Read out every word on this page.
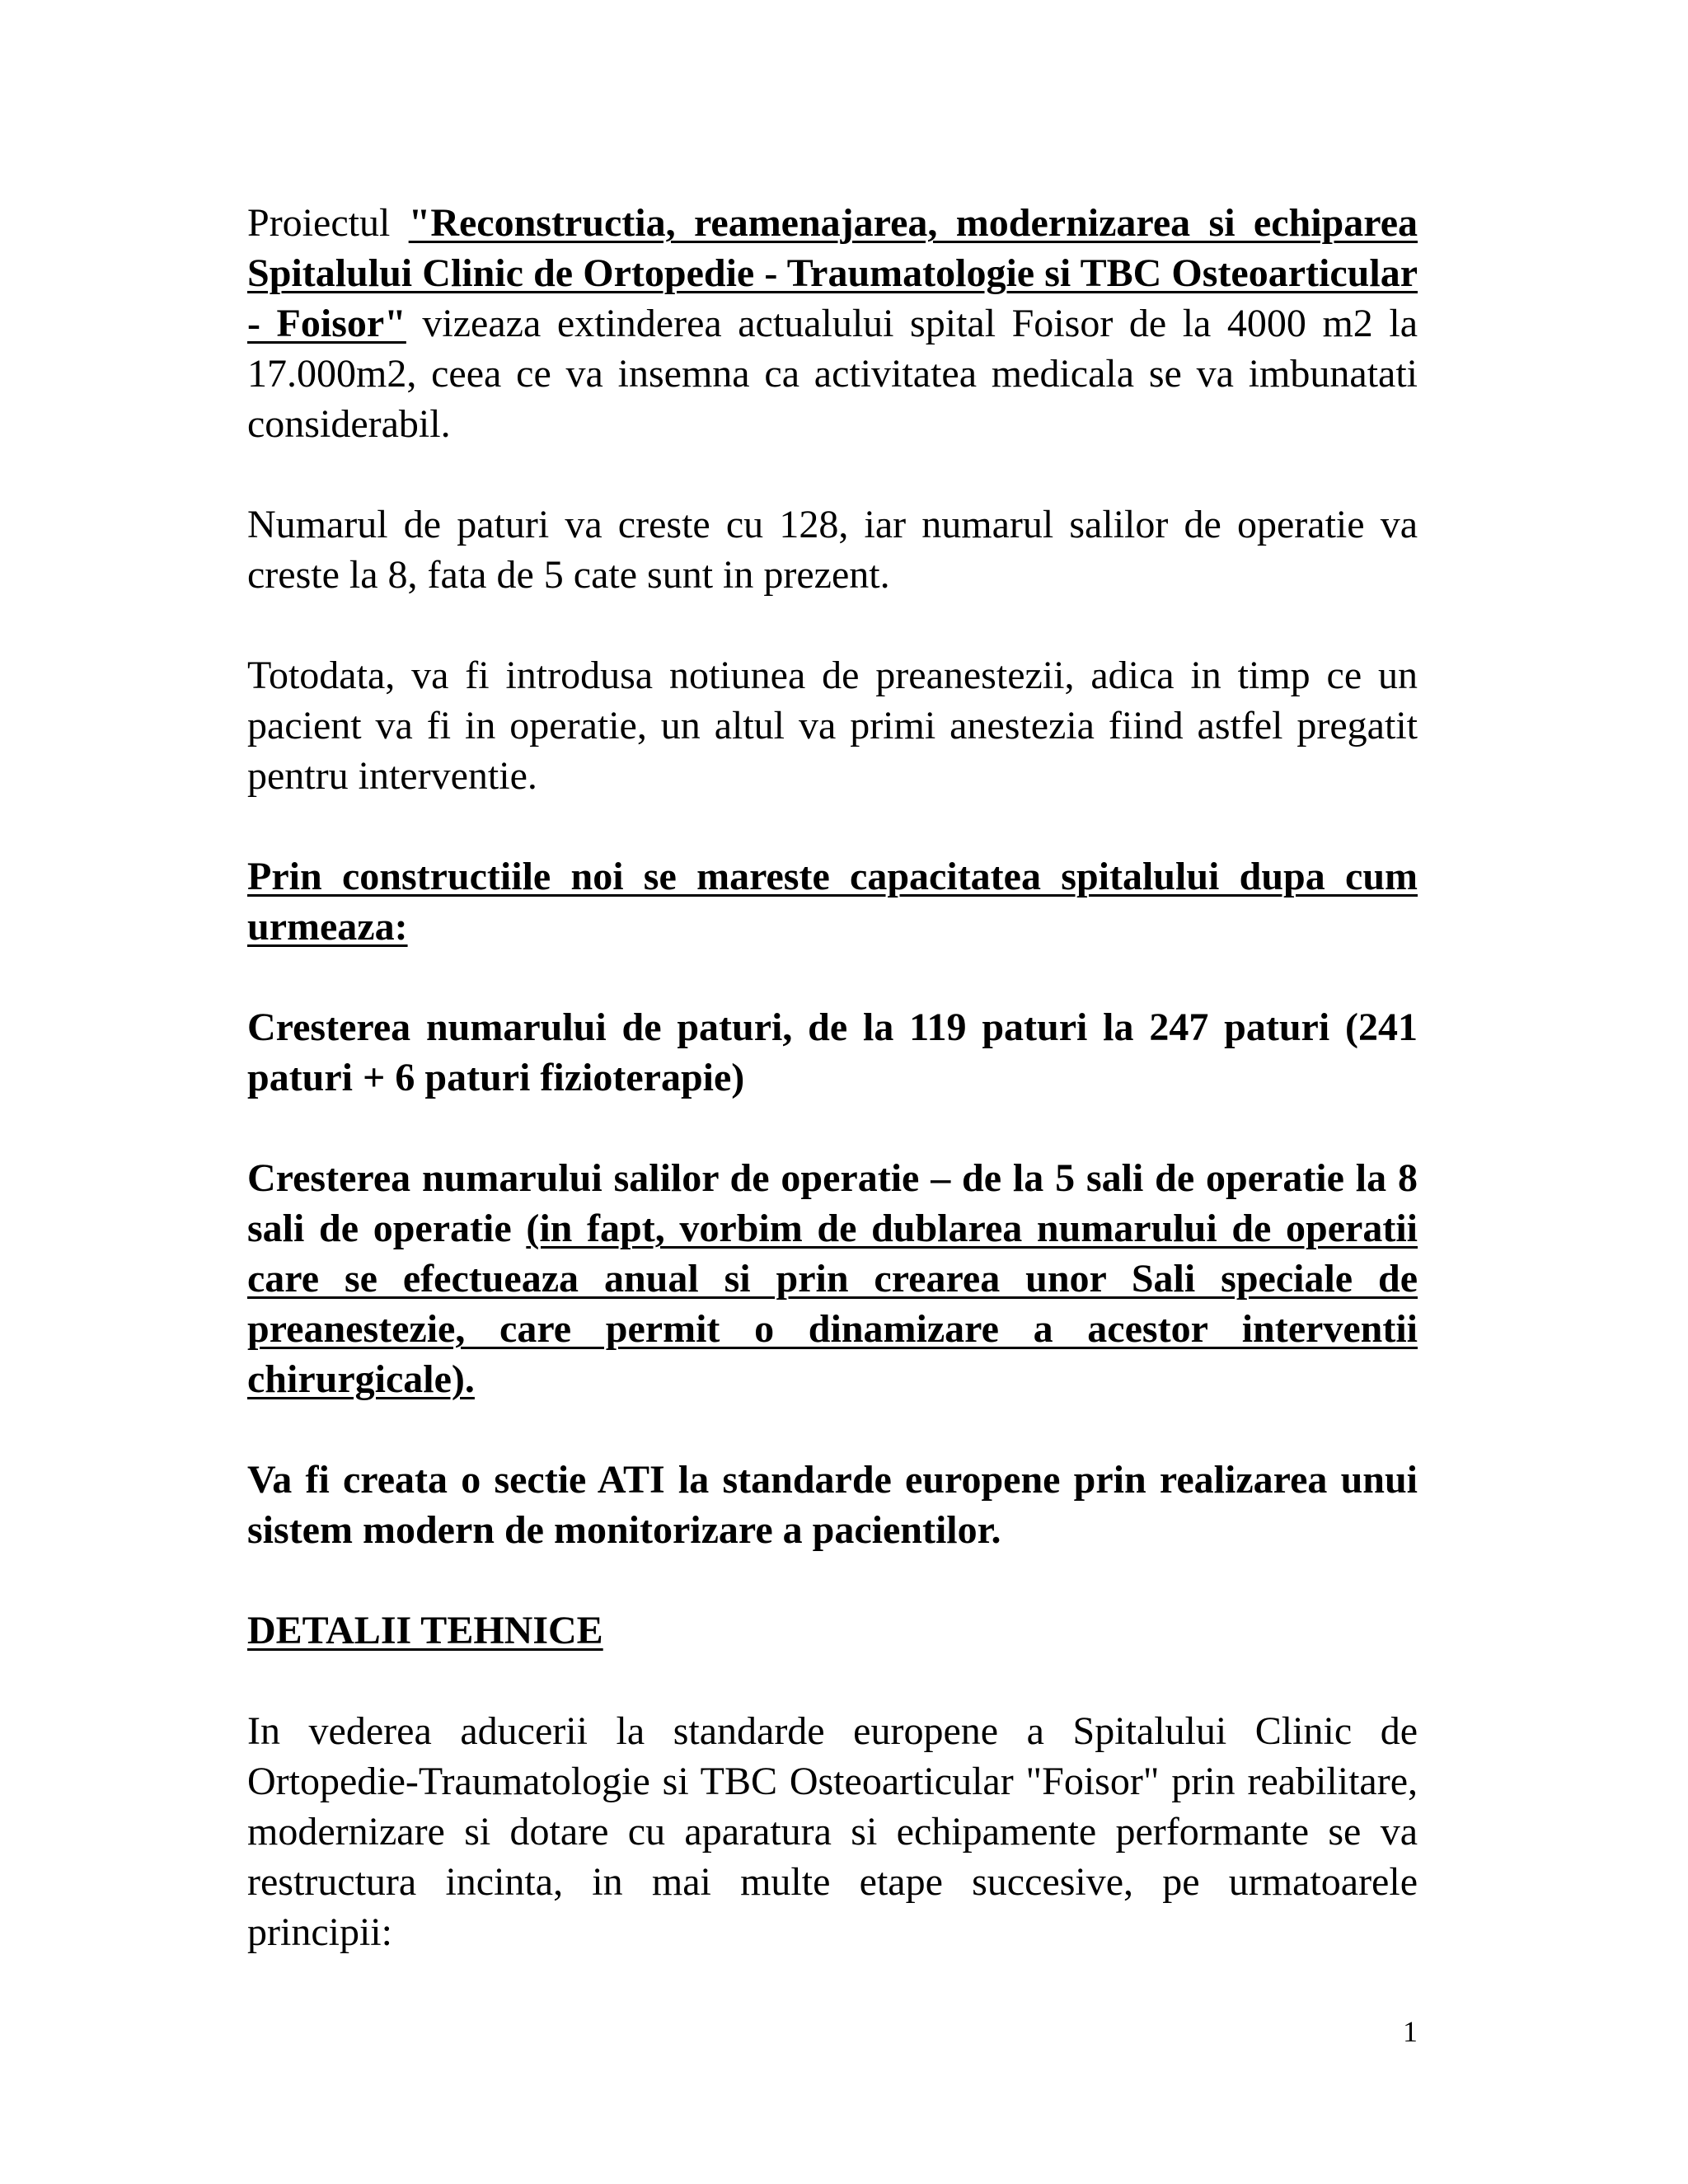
Proiectul "Reconstructia, reamenajarea, modernizarea si echiparea Spitalului Clinic de Ortopedie - Traumatologie si TBC Osteoarticular - Foisor" vizeaza extinderea actualului spital Foisor de la 4000 m2 la 17.000m2, ceea ce va insemna ca activitatea medicala se va imbunatati considerabil.

Numarul de paturi va creste cu 128, iar numarul salilor de operatie va creste la 8, fata de 5 cate sunt in prezent.

Totodata, va fi introdusa notiunea de preanestezii, adica in timp ce un pacient va fi in operatie, un altul va primi anestezia fiind astfel pregatit pentru interventie.

Prin constructiile noi se mareste capacitatea spitalului dupa cum urmeaza:

Cresterea numarului de paturi, de la 119 paturi la 247 paturi (241 paturi + 6 paturi fizioterapie)

Cresterea numarului salilor de operatie – de la 5 sali de operatie la 8 sali de operatie (in fapt, vorbim de dublarea numarului de operatii care se efectueaza anual si prin crearea unor Sali speciale de preanestezie, care permit o dinamizare a acestor interventii chirurgicale).

Va fi creata o sectie ATI la standarde europene prin realizarea unui sistem modern de monitorizare a pacientilor.

DETALII TEHNICE

In vederea aducerii la standarde europene a Spitalului Clinic de Ortopedie-Traumatologie si TBC Osteoarticular "Foisor" prin reabilitare, modernizare si dotare cu aparatura si echipamente performante se va restructura incinta, in mai multe etape succesive, pe urmatoarele principii:

1
